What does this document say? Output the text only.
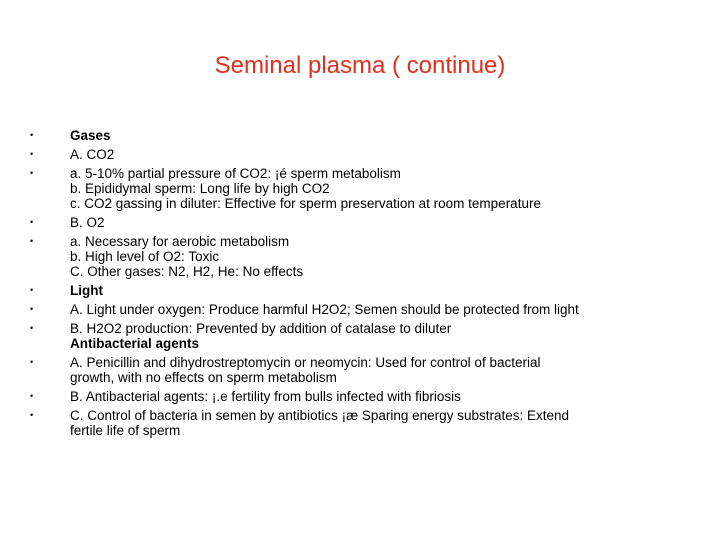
Seminal plasma ( continue)
•	Gases
•	A. CO2
•	a. 5-10% partial pressure of CO2: ¡é sperm metabolism
b. Epididymal sperm: Long life by high CO2
c. CO2 gassing in diluter: Effective for sperm preservation at room temperature
•	B. O2
•	a. Necessary for aerobic metabolism
b. High level of O2: Toxic
C. Other gases: N2, H2, He: No effects
•	Light
•	A. Light under oxygen: Produce harmful H2O2; Semen should be protected from light
•	B. H2O2 production: Prevented by addition of catalase to diluter
Antibacterial agents
•	A. Penicillin and dihydrostreptomycin or neomycin: Used for control of bacterial
growth, with no effects on sperm metabolism
•	B. Antibacterial agents: ¡.e fertility from bulls infected with fibriosis
•	C. Control of bacteria in semen by antibiotics ¡æ Sparing energy substrates: Extend
fertile life of sperm
